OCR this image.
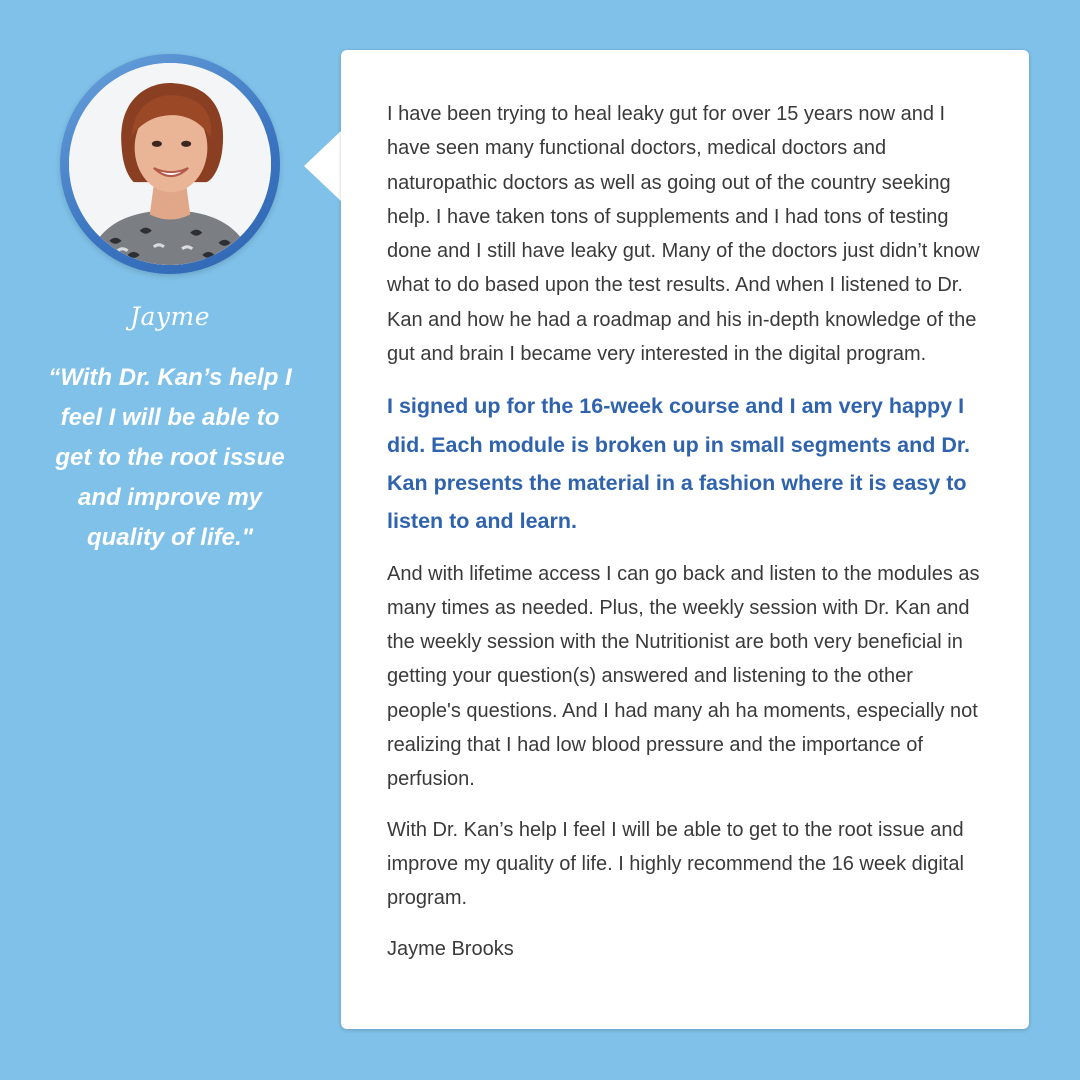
Jayme

“With Dr. Kan’s help I feel I will be able to get to the root issue and improve my quality of life."

I have been trying to heal leaky gut for over 15 years now and I have seen many functional doctors, medical doctors and naturopathic doctors as well as going out of the country seeking help. I have taken tons of supplements and I had tons of testing done and I still have leaky gut. Many of the doctors just didn’t know what to do based upon the test results. And when I listened to Dr. Kan and how he had a roadmap and his in-depth knowledge of the gut and brain I became very interested in the digital program.

I signed up for the 16-week course and I am very happy I did. Each module is broken up in small segments and Dr. Kan presents the material in a fashion where it is easy to listen to and learn.

And with lifetime access I can go back and listen to the modules as many times as needed. Plus, the weekly session with Dr. Kan and the weekly session with the Nutritionist are both very beneficial in getting your question(s) answered and listening to the other people's questions. And I had many ah ha moments, especially not realizing that I had low blood pressure and the importance of perfusion.

With Dr. Kan’s help I feel I will be able to get to the root issue and improve my quality of life. I highly recommend the 16 week digital program.

Jayme Brooks
